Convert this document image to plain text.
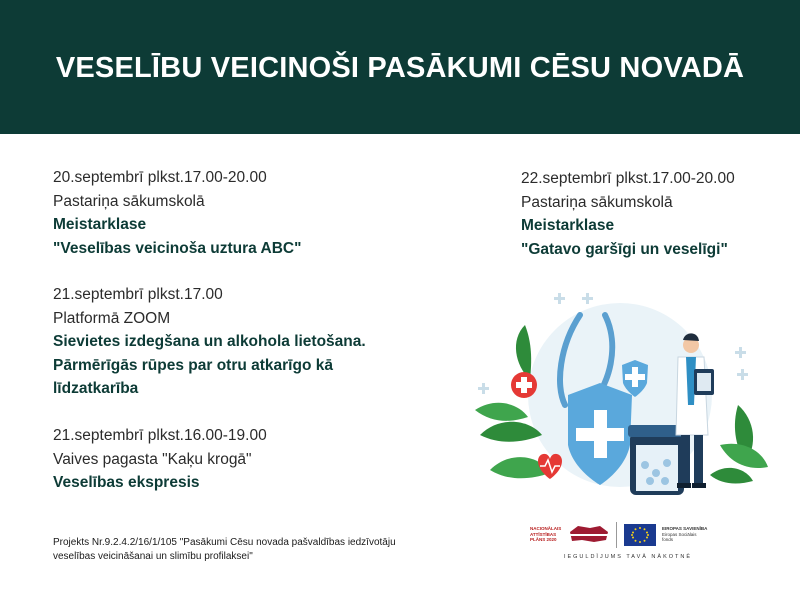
VESELĪBU VEICINOŠI PASĀKUMI CĒSU NOVADĀ
20.septembrī plkst.17.00-20.00
Pastariņa sākumskolā
Meistarklase
"Veselības veicinoša uztura ABC"
21.septembrī plkst.17.00
Platformā ZOOM
Sievietes izdegšana un alkohola lietošana.
Pārmērīgās rūpes par otru atkarīgo kā
līdzatkarība
21.septembrī plkst.16.00-19.00
Vaives pagasta "Kaķu krogā"
Veselības ekspresis
22.septembrī plkst.17.00-20.00
Pastariņa sākumskolā
Meistarklase
"Gatavo garšīgi un veselīgi"
Projekts Nr.9.2.4.2/16/1/105 "Pasākumi Cēsu novada pašvaldības iedzīvotāju veselības veicināšanai un slimību profilaksei"
NACIONĀLAIS
ATTĪSTĪBAS
PLĀNS 2020
EIROPAS SAVIENĪBA
Eiropas Sociālais
fonds
IEGULDĪJUMS TAVĀ NĀKOTNĒ
